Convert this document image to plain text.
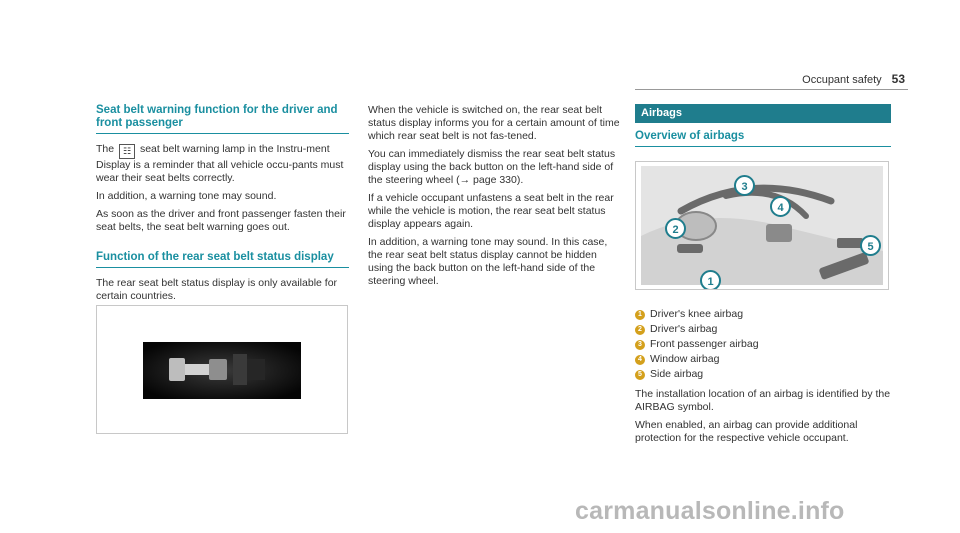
Occupant safety 53
Seat belt warning function for the driver and front passenger

The ☷ seat belt warning lamp in the Instru-ment Display is a reminder that all vehicle occu-pants must wear their seat belts correctly.

In addition, a warning tone may sound.

As soon as the driver and front passenger fasten their seat belts, the seat belt warning goes out.

Function of the rear seat belt status display

The rear seat belt status display is only available for certain countries.

When the vehicle is switched on, the rear seat belt status display informs you for a certain amount of time which rear seat belt is not fas-tened.

You can immediately dismiss the rear seat belt status display using the back button on the left-hand side of the steering wheel (→ page 330).

If a vehicle occupant unfastens a seat belt in the rear while the vehicle is motion, the rear seat belt status display appears again.

In addition, a warning tone may sound. In this case, the rear seat belt status display cannot be hidden using the back button on the left-hand side of the steering wheel.

Airbags
Overview of airbags
1
2
3
4
5
1 Driver's knee airbag
2 Driver's airbag
3 Front passenger airbag
4 Window airbag
5 Side airbag

The installation location of an airbag is identified by the AIRBAG symbol.

When enabled, an airbag can provide additional protection for the respective vehicle occupant.

carmanualsonline.info
